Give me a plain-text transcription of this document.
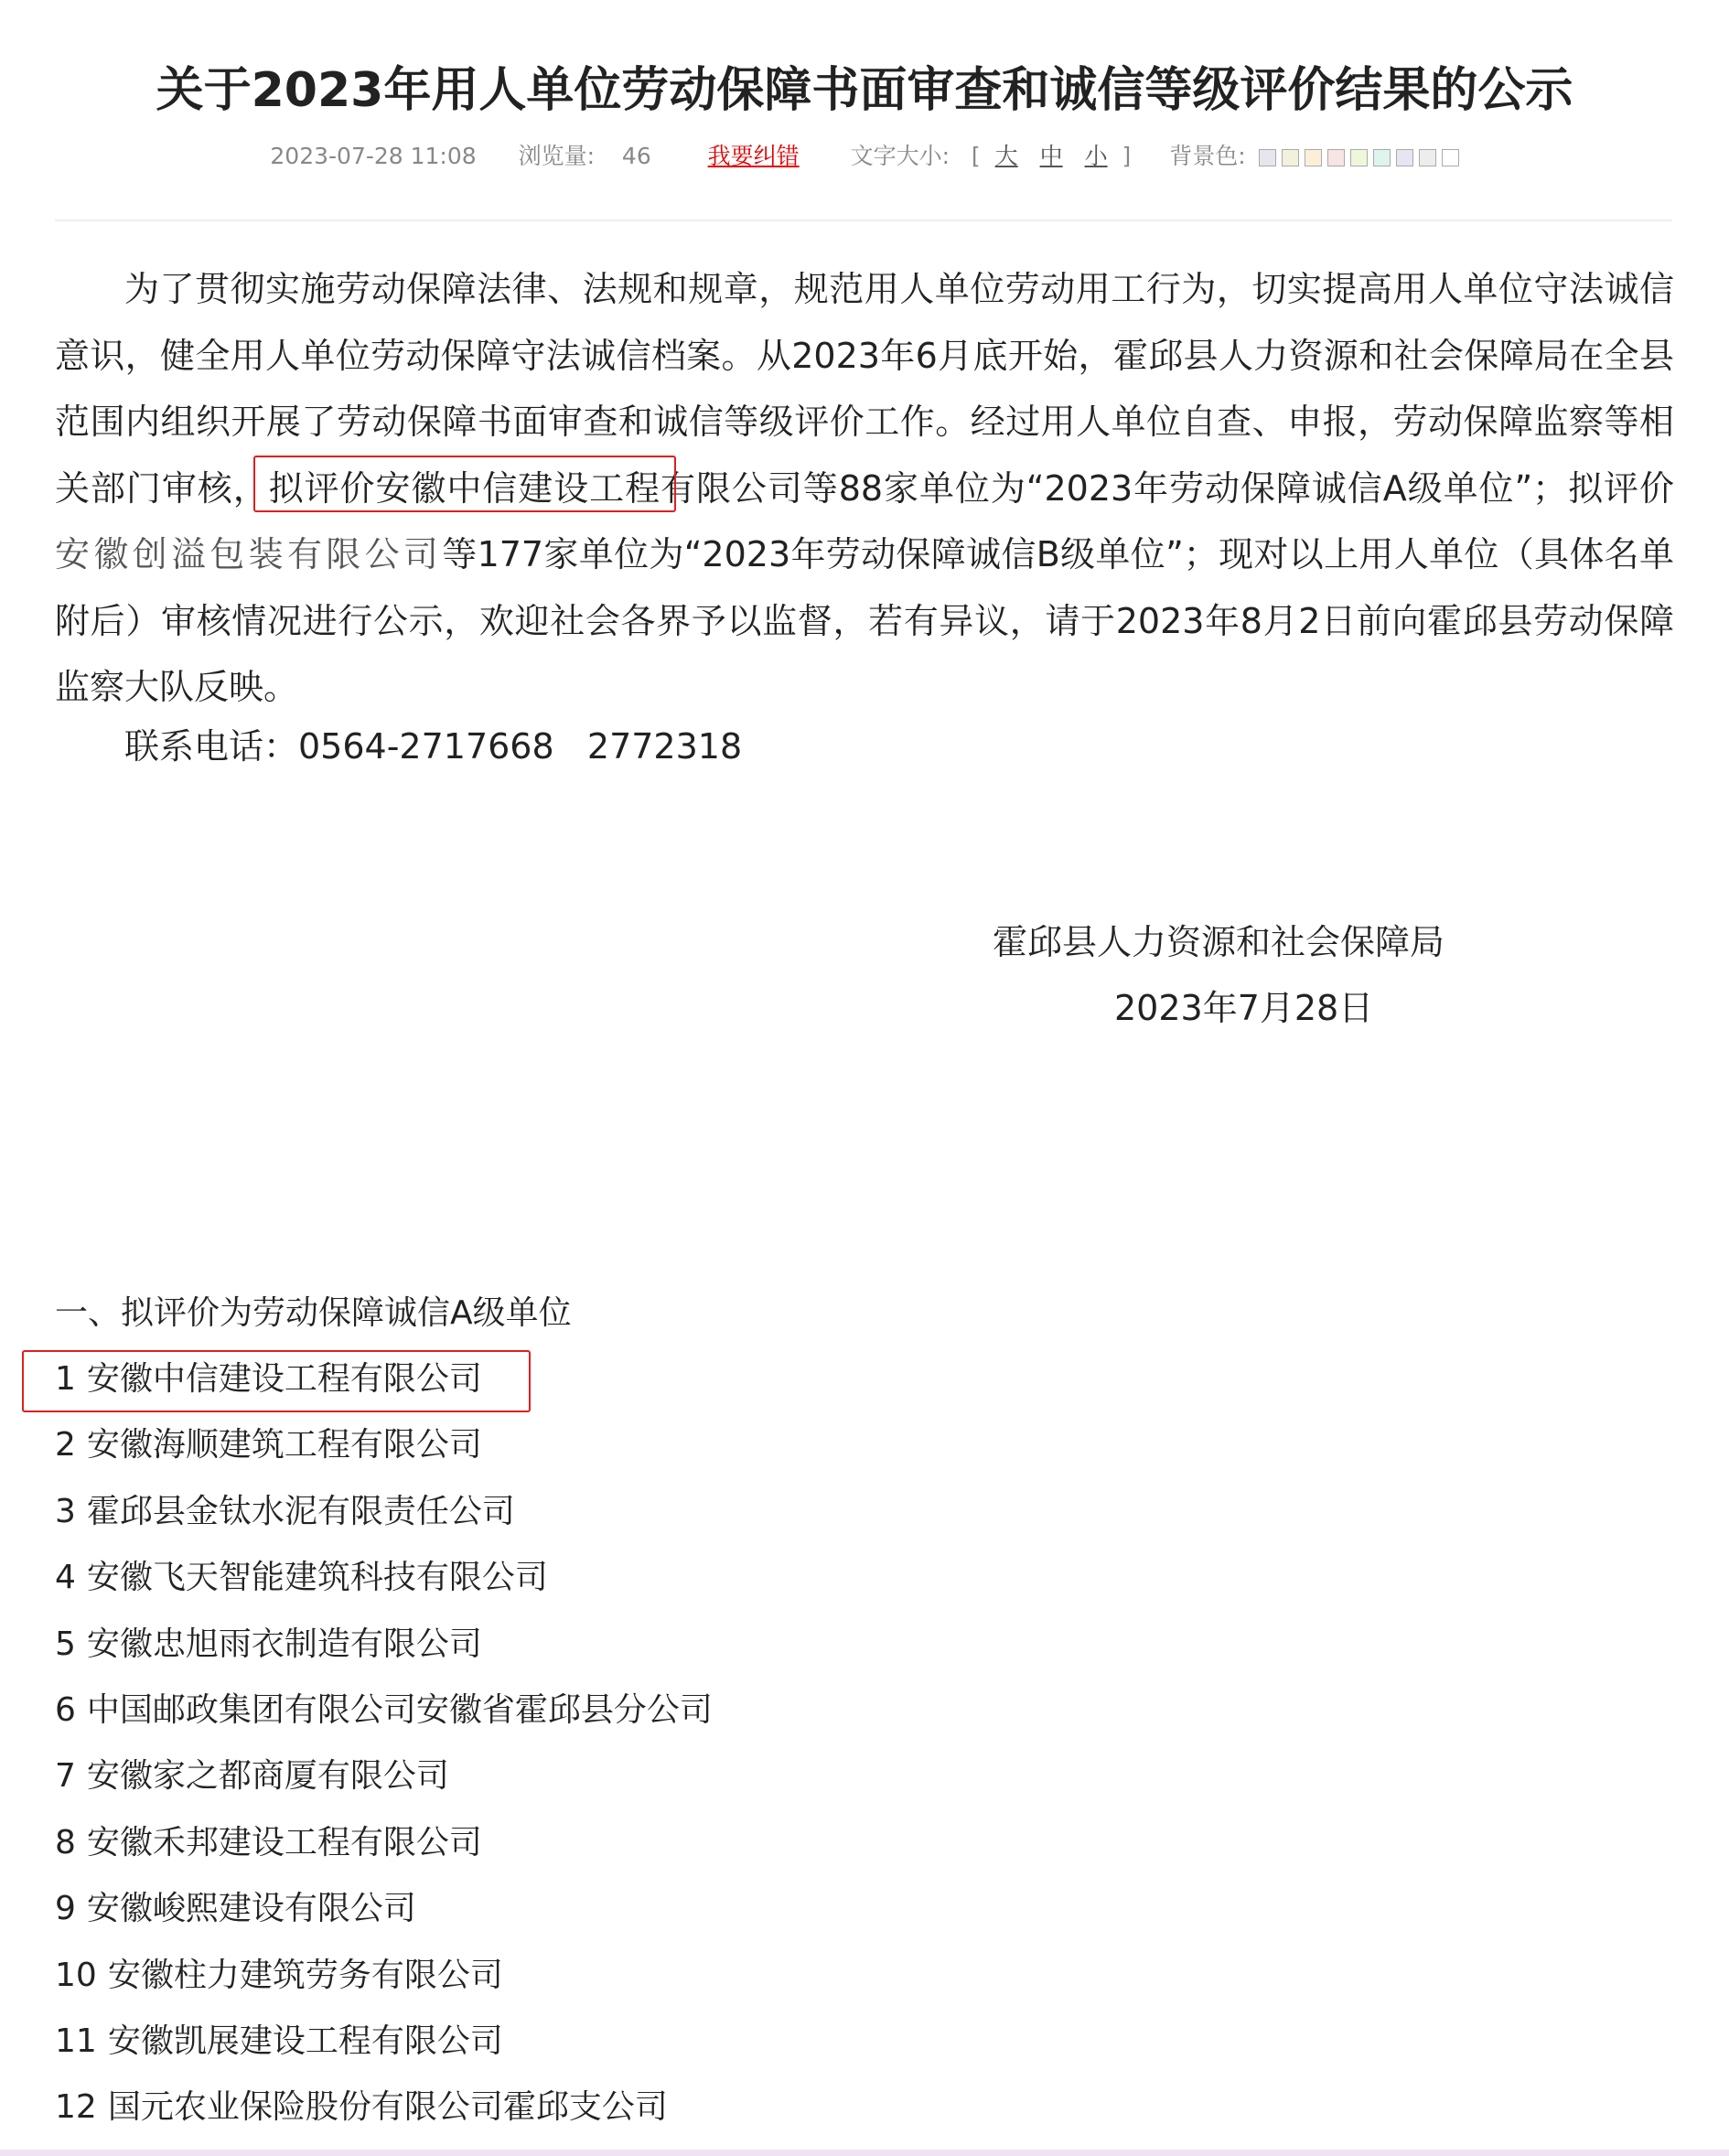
关于2023年用人单位劳动保障书面审查和诚信等级评价结果的公示
2023-07-28 11:08 浏览量: 46 我要纠错 文字大小: [ 大 中 小 ] 背景色:

为了贯彻实施劳动保障法律、法规和规章，规范用人单位劳动用工行为，切实提高用人单位守法诚信意识，健全用人单位劳动保障守法诚信档案。从2023年6月底开始，霍邱县人力资源和社会保障局在全县范围内组织开展了劳动保障书面审查和诚信等级评价工作。经过用人单位自查、申报，劳动保障监察等相关部门审核，拟评价安徽中信建设工程有限公司等88家单位为“2023年劳动保障诚信A级单位”；拟评价安徽创溢包装有限公司等177家单位为“2023年劳动保障诚信B级单位”；现对以上用人单位（具体名单附后）审核情况进行公示，欢迎社会各界予以监督，若有异议，请于2023年8月2日前向霍邱县劳动保障监察大队反映。

联系电话：0564-2717668   2772318
霍邱县人力资源和社会保障局
2023年7月28日
一、拟评价为劳动保障诚信A级单位
1 安徽中信建设工程有限公司
2 安徽海顺建筑工程有限公司
3 霍邱县金钛水泥有限责任公司
4 安徽飞天智能建筑科技有限公司
5 安徽忠旭雨衣制造有限公司
6 中国邮政集团有限公司安徽省霍邱县分公司
7 安徽家之都商厦有限公司
8 安徽禾邦建设工程有限公司
9 安徽峻熙建设有限公司
10 安徽柱力建筑劳务有限公司
11 安徽凯展建设工程有限公司
12 国元农业保险股份有限公司霍邱支公司
